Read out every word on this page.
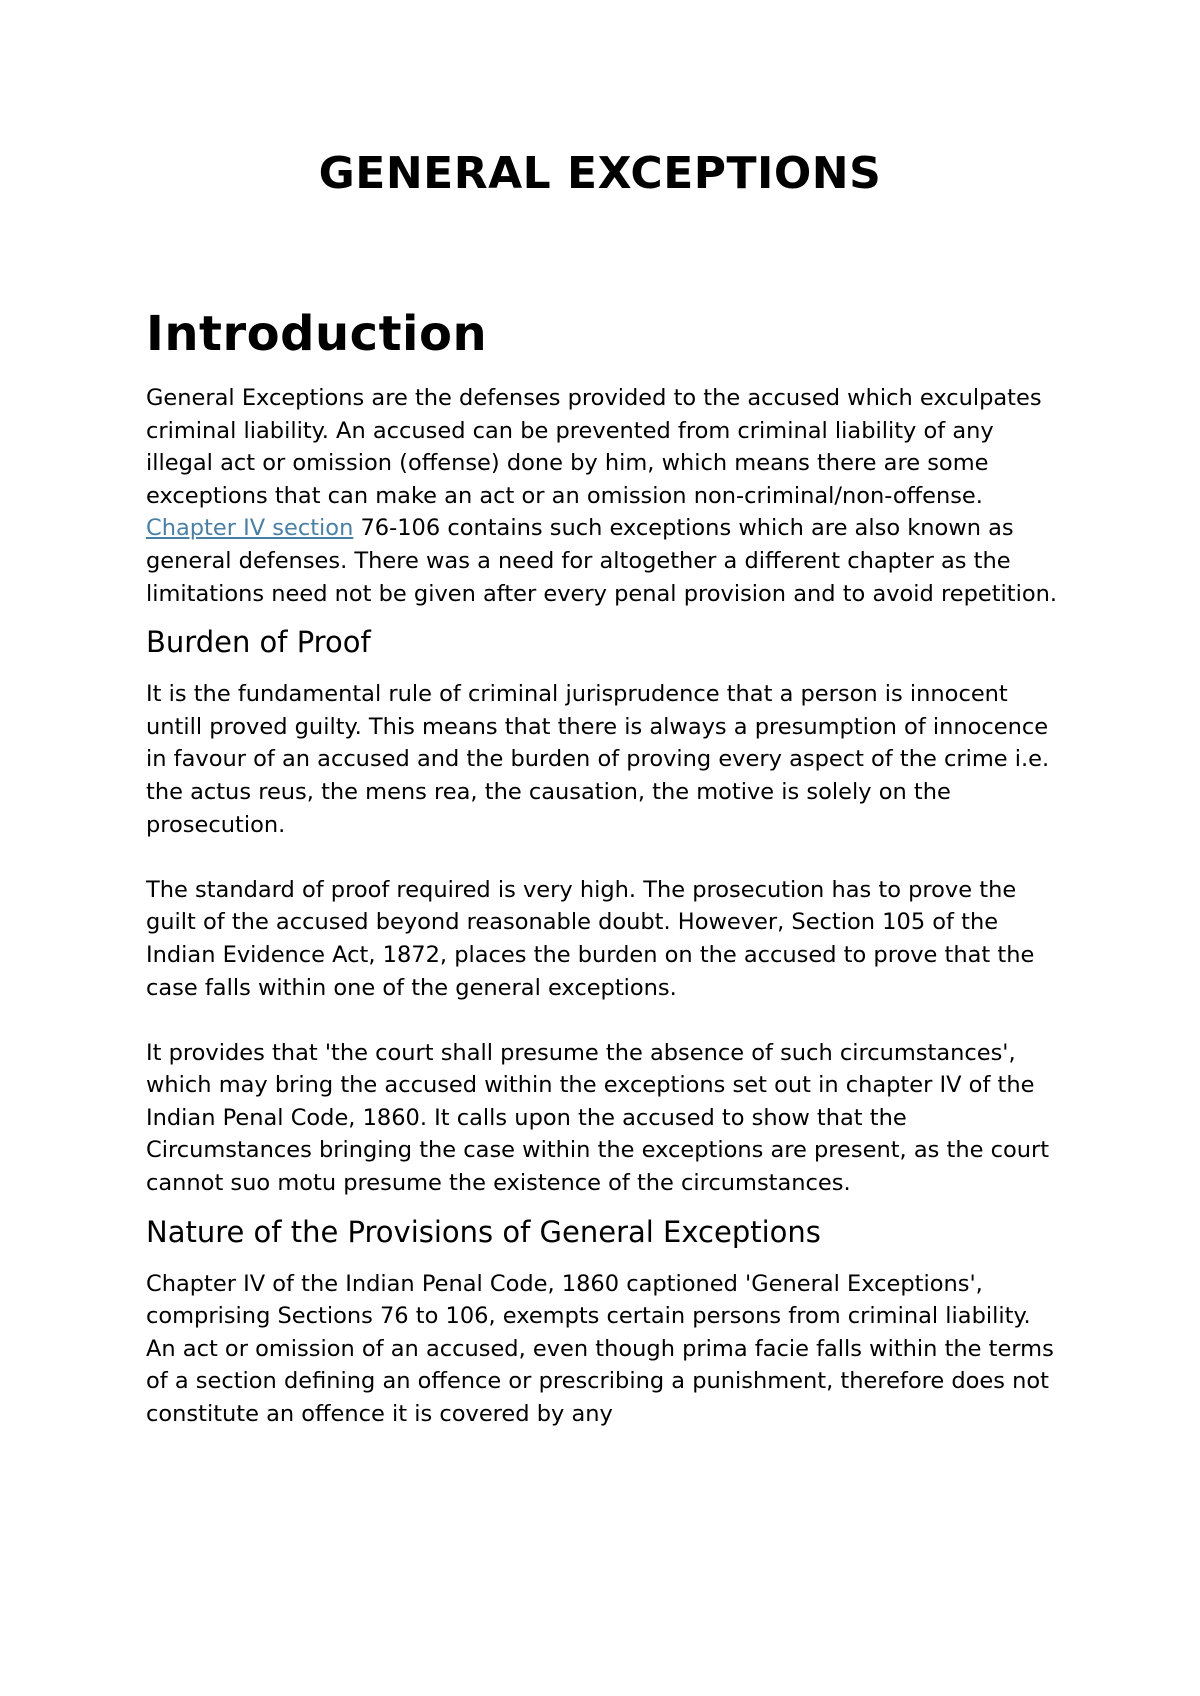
GENERAL EXCEPTIONS
Introduction

General Exceptions are the defenses provided to the accused which exculpates criminal liability. An accused can be prevented from criminal liability of any illegal act or omission (offense) done by him, which means there are some exceptions that can make an act or an omission non-criminal/non-offense.

Chapter IV section 76-106 contains such exceptions which are also known as general defenses. There was a need for altogether a different chapter as the limitations need not be given after every penal provision and to avoid repetition.

Burden of Proof

It is the fundamental rule of criminal jurisprudence that a person is innocent untill proved guilty. This means that there is always a presumption of innocence in favour of an accused and the burden of proving every aspect of the crime i.e. the actus reus, the mens rea, the causation, the motive is solely on the prosecution.

The standard of proof required is very high. The prosecution has to prove the guilt of the accused beyond reasonable doubt. However, Section 105 of the Indian Evidence Act, 1872, places the burden on the accused to prove that the case falls within one of the general exceptions.

It provides that 'the court shall presume the absence of such circumstances', which may bring the accused within the exceptions set out in chapter IV of the Indian Penal Code, 1860. It calls upon the accused to show that the Circumstances bringing the case within the exceptions are present, as the court cannot suo motu presume the existence of the circumstances.

Nature of the Provisions of General Exceptions

Chapter IV of the Indian Penal Code, 1860 captioned 'General Exceptions', comprising Sections 76 to 106, exempts certain persons from criminal liability. An act or omission of an accused, even though prima facie falls within the terms of a section defining an offence or prescribing a punishment, therefore does not constitute an offence it is covered by any
